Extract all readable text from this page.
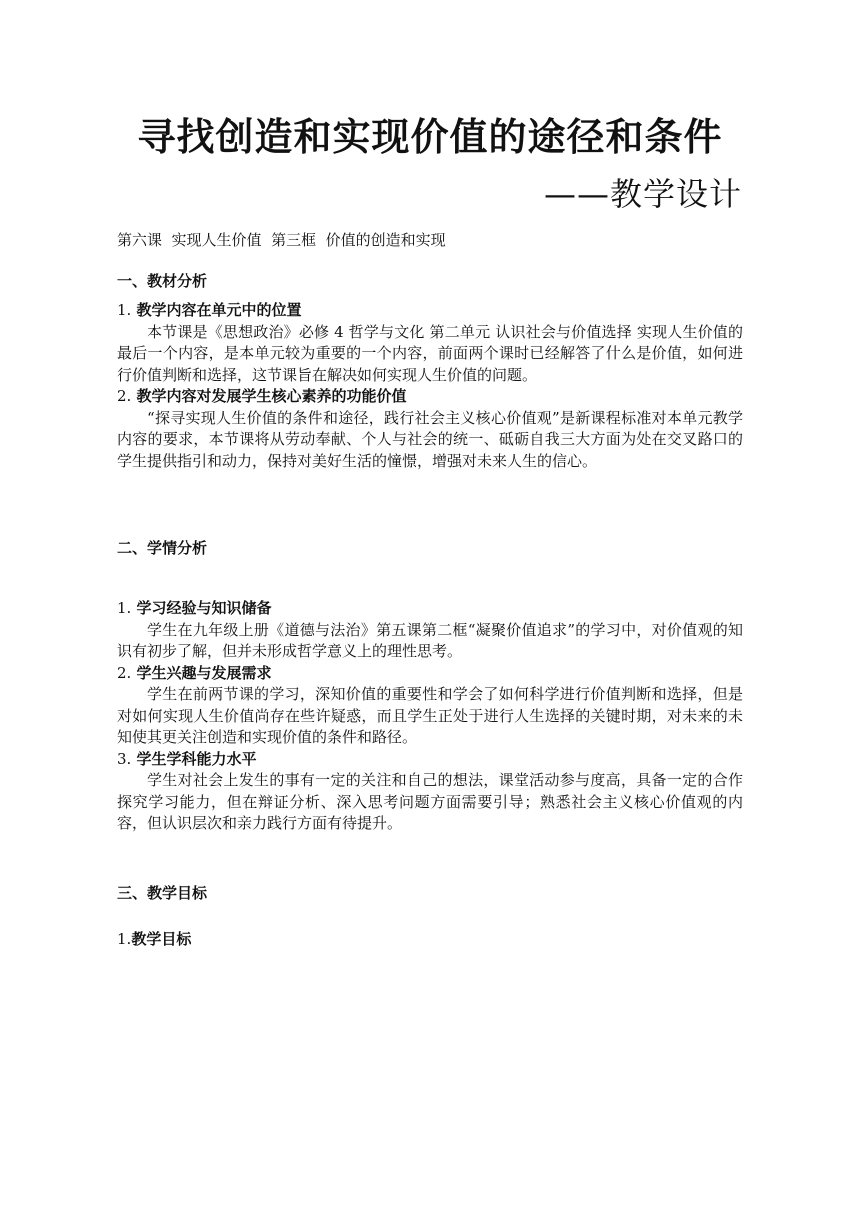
寻找创造和实现价值的途径和条件
——教学设计
第六课  实现人生价值  第三框  价值的创造和实现
一、教材分析

1. 教学内容在单元中的位置

本节课是《思想政治》必修 4 哲学与文化 第二单元 认识社会与价值选择 实现人生价值的最后一个内容，是本单元较为重要的一个内容，前面两个课时已经解答了什么是价值，如何进行价值判断和选择，这节课旨在解决如何实现人生价值的问题。

2. 教学内容对发展学生核心素养的功能价值

“探寻实现人生价值的条件和途径，践行社会主义核心价值观”是新课程标准对本单元教学内容的要求，本节课将从劳动奉献、个人与社会的统一、砥砺自我三大方面为处在交叉路口的学生提供指引和动力，保持对美好生活的憧憬，增强对未来人生的信心。

二、学情分析

1. 学习经验与知识储备

学生在九年级上册《道德与法治》第五课第二框“凝聚价值追求”的学习中，对价值观的知识有初步了解，但并未形成哲学意义上的理性思考。

2. 学生兴趣与发展需求

学生在前两节课的学习，深知价值的重要性和学会了如何科学进行价值判断和选择，但是对如何实现人生价值尚存在些许疑惑，而且学生正处于进行人生选择的关键时期，对未来的未知使其更关注创造和实现价值的条件和路径。

3. 学生学科能力水平

学生对社会上发生的事有一定的关注和自己的想法，课堂活动参与度高，具备一定的合作探究学习能力，但在辩证分析、深入思考问题方面需要引导；熟悉社会主义核心价值观的内容，但认识层次和亲力践行方面有待提升。

三、教学目标

1.教学目标
